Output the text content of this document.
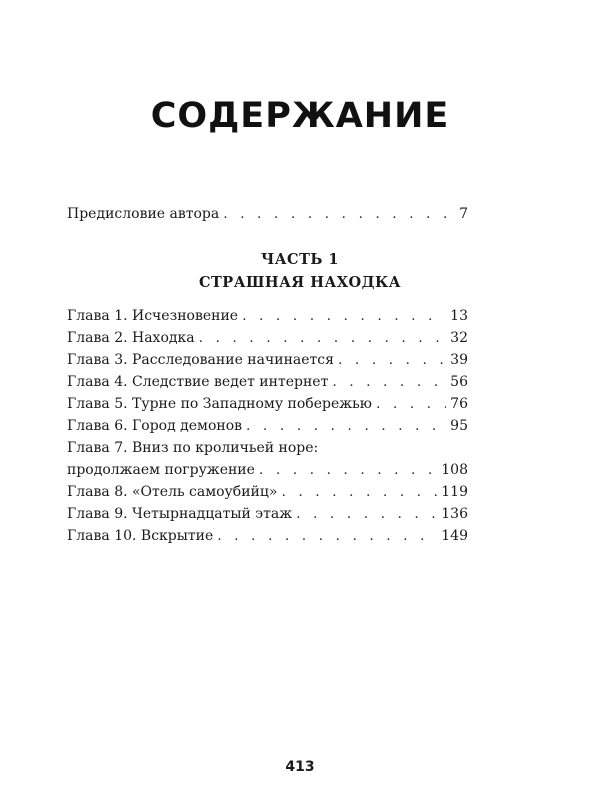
СОДЕРЖАНИЕ
Предисловие автора . . .	7
ЧАСТЬ 1
СТРАШНАЯ НАХОДКА
Глава 1. Исчезновение . . .	13
Глава 2. Находка . . .	32
Глава 3. Расследование начинается . . .	39
Глава 4. Следствие ведет интернет . . .	56
Глава 5. Турне по Западному побережью . . .	76
Глава 6. Город демонов . . .	95
Глава 7. Вниз по кроличьей норе:
продолжаем погружение . . .	108
Глава 8. «Отель самоубийц» . . .	119
Глава 9. Четырнадцатый этаж . . .	136
Глава 10. Вскрытие . . .	149
413
